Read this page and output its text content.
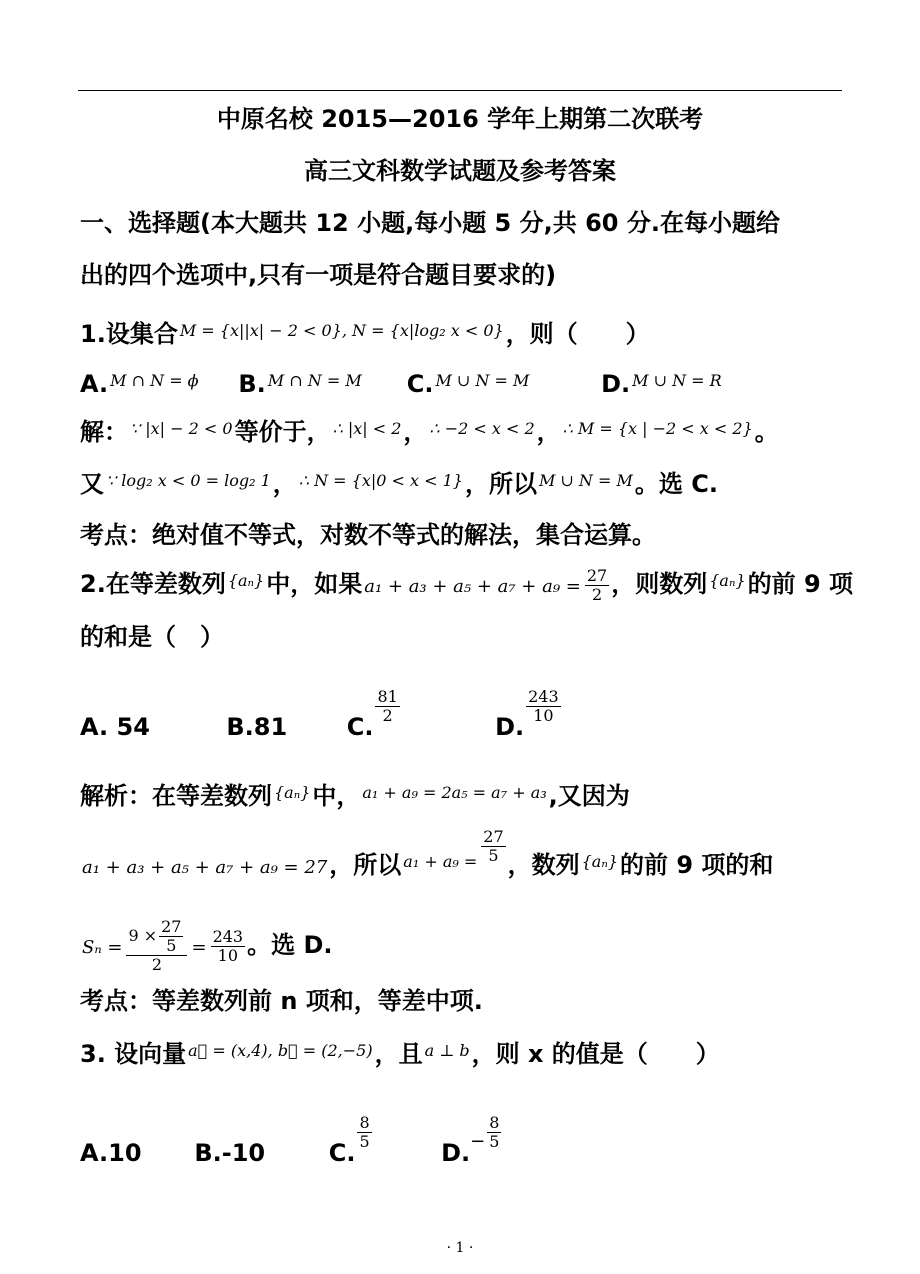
中原名校 2015—2016 学年上期第二次联考
高三文科数学试题及参考答案
一、选择题(本大题共 12 小题,每小题 5 分,共 60 分.在每小题给
出的四个选项中,只有一项是符合题目要求的)
1.设集合 $^{M = \{x||x| - 2 < 0\}, N = \{x|log_2 x < 0\}}$，则（　　）
A. $^{M \cap N = \phi}$ B. $^{M \cap N = M}$ C. $^{M \cup N = M}$	D. $^{M \cup N = R}$
解： $^{\because |x| - 2 < 0}$等价于， $^{\therefore |x| < 2}$， $^{\therefore -2 < x < 2}$， $^{\therefore M = \{x | -2 < x < 2\}}$。
又 $^{\because log_2 x < 0 = log_2 1}$， $^{\therefore N = \{x|0 < x < 1\}}$，所以 $^{M \cup N = M}$。选 C.
考点：绝对值不等式，对数不等式的解法，集合运算。
2.在等差数列 $^{\{a_n\}}$中，如果 $a_1 + a_3 + a_5 + a_7 + a_9 = \frac{27}{2}$ ，则数列 $^{\{a_n\}}$的前 9 项
的和是（　）
A. 54	B.81 C.
$\frac{81}{2}$
D.
$\frac{243}{10}$
解析：在等差数列 $^{\{a_n\}}$中， $^{a_1 + a_9 = 2a_5 = a_7 + a_3}$,又因为
a₁ + a₃ + a₅ + a₇ + a₉ = 27，所以 $^{a_1 + a_9 =} \frac{27}{5}$ ，数列 $^{\{a_n\}}$的前 9 项的和
$S_n = \frac{9 \times \frac{27}{5}}{2} = \frac{243}{10}$ 。选 D.
考点：等差数列前 n 项和，等差中项.
3. 设向量 $^{a⃗ = (x,4), b⃗ = (2,-5)}$，且 $^{a \perp b}$，则 x 的值是（　　）
A.10 B.-10	C.
$\frac{8}{5}$
$D.^- \frac{8}{5}$
· 1 ·
